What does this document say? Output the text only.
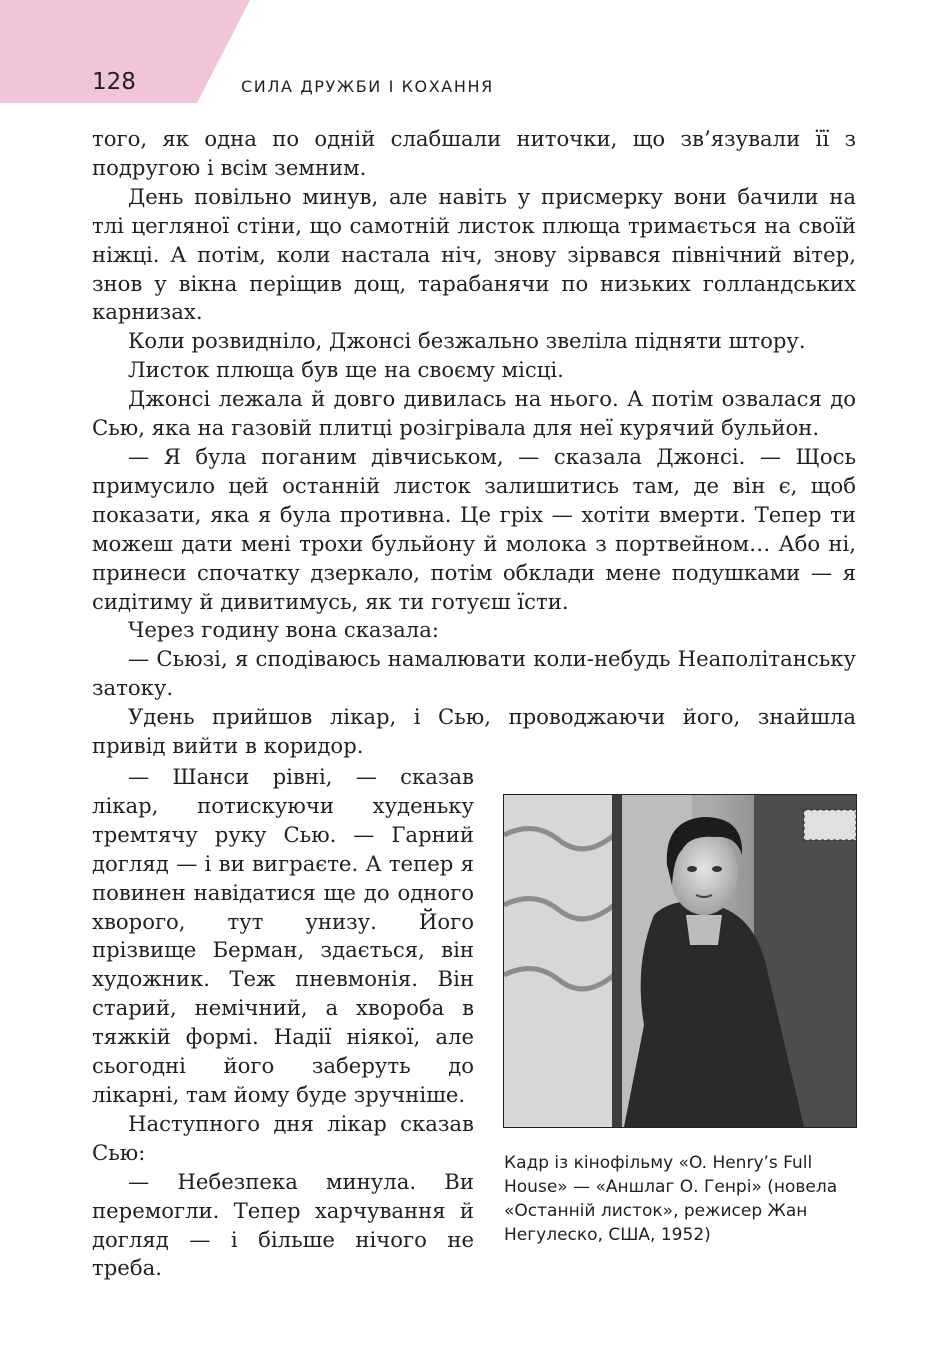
128	СИЛА ДРУЖБИ І КОХАННЯ

того, як одна по одній слабшали ниточки, що зв’язували її з подругою і всім земним.

День повільно минув, але навіть у присмерку вони бачили на тлі цегляної стіни, що самотній листок плюща тримається на своїй ніжці. А потім, коли настала ніч, знову зірвався північний вітер, знов у вікна періщив дощ, тарабанячи по низьких голландських карнизах.

Коли розвидніло, Джонсі безжально звеліла підняти штору.

Листок плюща був ще на своєму місці.

Джонсі лежала й довго дивилась на нього. А потім озвалася до Сью, яка на газовій плитці розігрівала для неї курячий бульйон.

— Я була поганим дівчиськом, — сказала Джонсі. — Щось примусило цей останній листок залишитись там, де він є, щоб показати, яка я була противна. Це гріх — хотіти вмерти. Тепер ти можеш дати мені трохи бульйону й молока з портвейном… Або ні, принеси спочатку дзеркало, потім обклади мене подушками — я сидітиму й дивитимусь, як ти готуєш їсти.

Через годину вона сказала:

— Сьюзі, я сподіваюсь намалювати коли-небудь Неаполітанську затоку.

Удень прийшов лікар, і Сью, проводжаючи його, знайшла привід вийти в коридор.

— Шанси рівні, — сказав лікар, потискуючи худеньку тремтячу руку Сью. — Гарний догляд — і ви виграєте. А тепер я повинен навідатися ще до одного хворого, тут унизу. Його прізвище Берман, здається, він художник. Теж пневмонія. Він старий, немічний, а хвороба в тяжкій формі. Надії ніякої, але сьогодні його заберуть до лікарні, там йому буде зручніше.

Наступного дня лікар сказав Сью:

— Небезпека минула. Ви перемогли. Тепер харчування й догляд — і більше нічого не треба.

Кадр із кінофільму «O. Henry’s Full House» — «Аншлаг О. Генрі» (новела «Останній листок», режисер Жан Негулеско, США, 1952)
